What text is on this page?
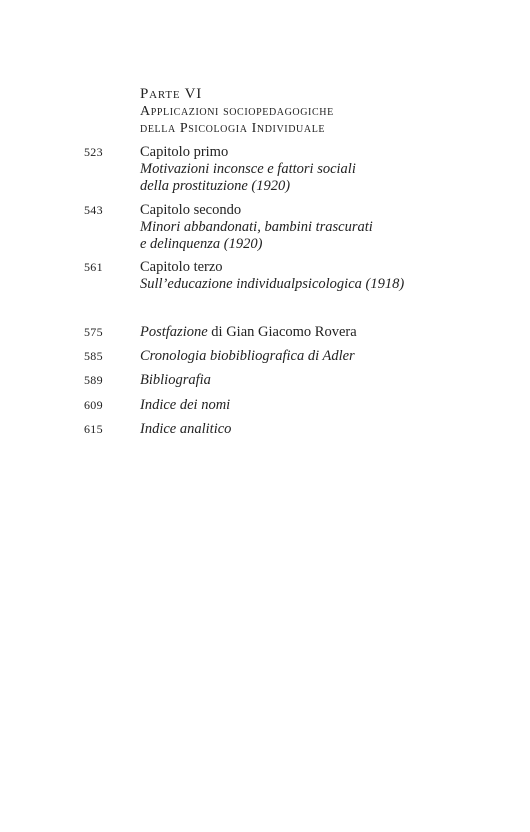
Parte VI
Applicazioni sociopedagogiche
della Psicologia Individuale
523	Capitolo primo
Motivazioni inconsce e fattori sociali
della prostituzione (1920)
543	Capitolo secondo
Minori abbandonati, bambini trascurati
e delinquenza (1920)
561	Capitolo terzo
Sull’educazione individualpsicologica (1918)
575	Postfazione di Gian Giacomo Rovera
585	Cronologia biobibliografica di Adler
589	Bibliografia
609	Indice dei nomi
615	Indice analitico
